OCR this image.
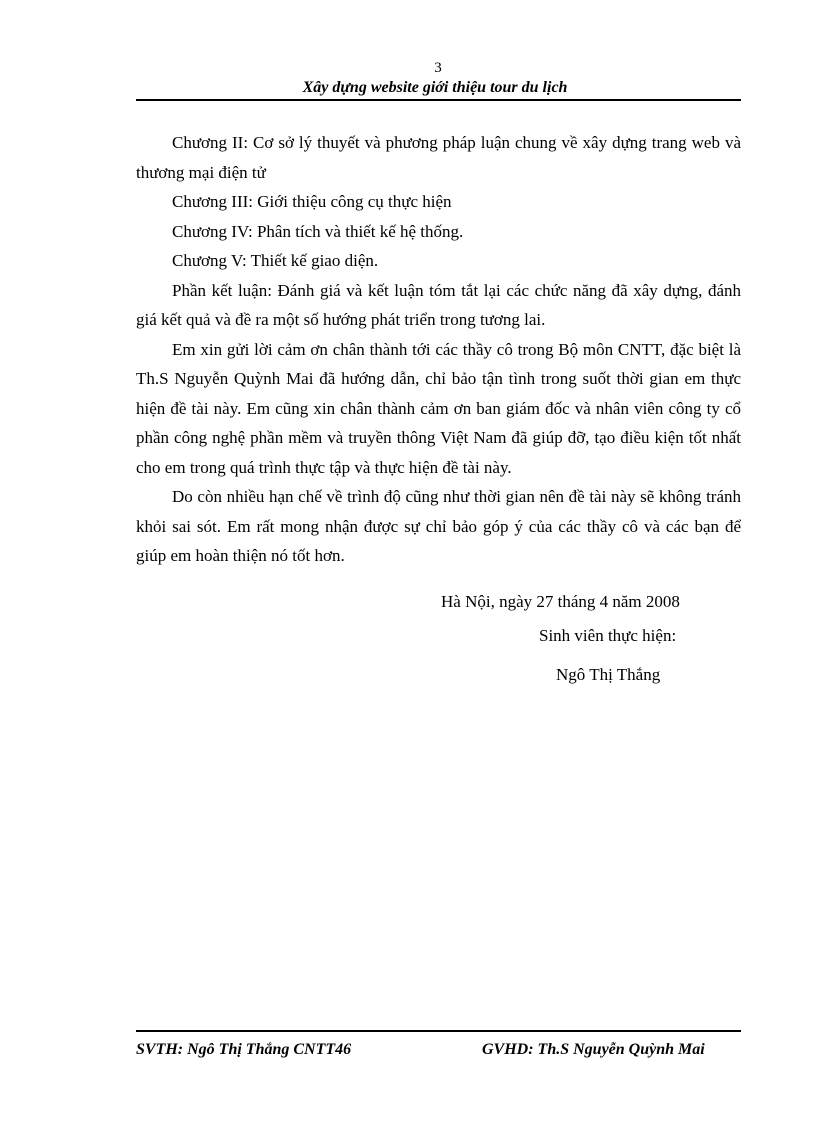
3
Xây dựng website giới thiệu tour du lịch

Chương II: Cơ sở lý thuyết và phương pháp luận chung về xây dựng trang web và thương mại điện tử

Chương III: Giới thiệu công cụ thực hiện

Chương IV: Phân tích và thiết kế hệ thống.

Chương V: Thiết kế giao diện.

Phần kết luận: Đánh giá và kết luận tóm tắt lại các chức năng đã xây dựng, đánh giá kết quả và đề ra một số hướng phát triển trong tương lai.

Em xin gửi lời cảm ơn chân thành tới các thầy cô trong Bộ môn CNTT, đặc biệt là Th.S Nguyễn Quỳnh Mai đã hướng dẫn, chỉ bảo tận tình trong suốt thời gian em thực hiện đề tài này. Em cũng xin chân thành cảm ơn ban giám đốc và nhân viên công ty cổ phần công nghệ phần mềm và truyền thông Việt Nam đã giúp đỡ, tạo điều kiện tốt nhất cho em trong quá trình thực tập và thực hiện đề tài này.

Do còn nhiều hạn chế về trình độ cũng như thời gian nên đề tài này sẽ không tránh khỏi sai sót. Em rất mong nhận được sự chỉ bảo góp ý của các thầy cô và các bạn để giúp em hoàn thiện nó tốt hơn.

Hà Nội, ngày 27 tháng 4 năm 2008
Sinh viên thực hiện:
Ngô Thị Thắng
SVTH: Ngô Thị Thắng CNTT46	GVHD: Th.S Nguyễn Quỳnh Mai
